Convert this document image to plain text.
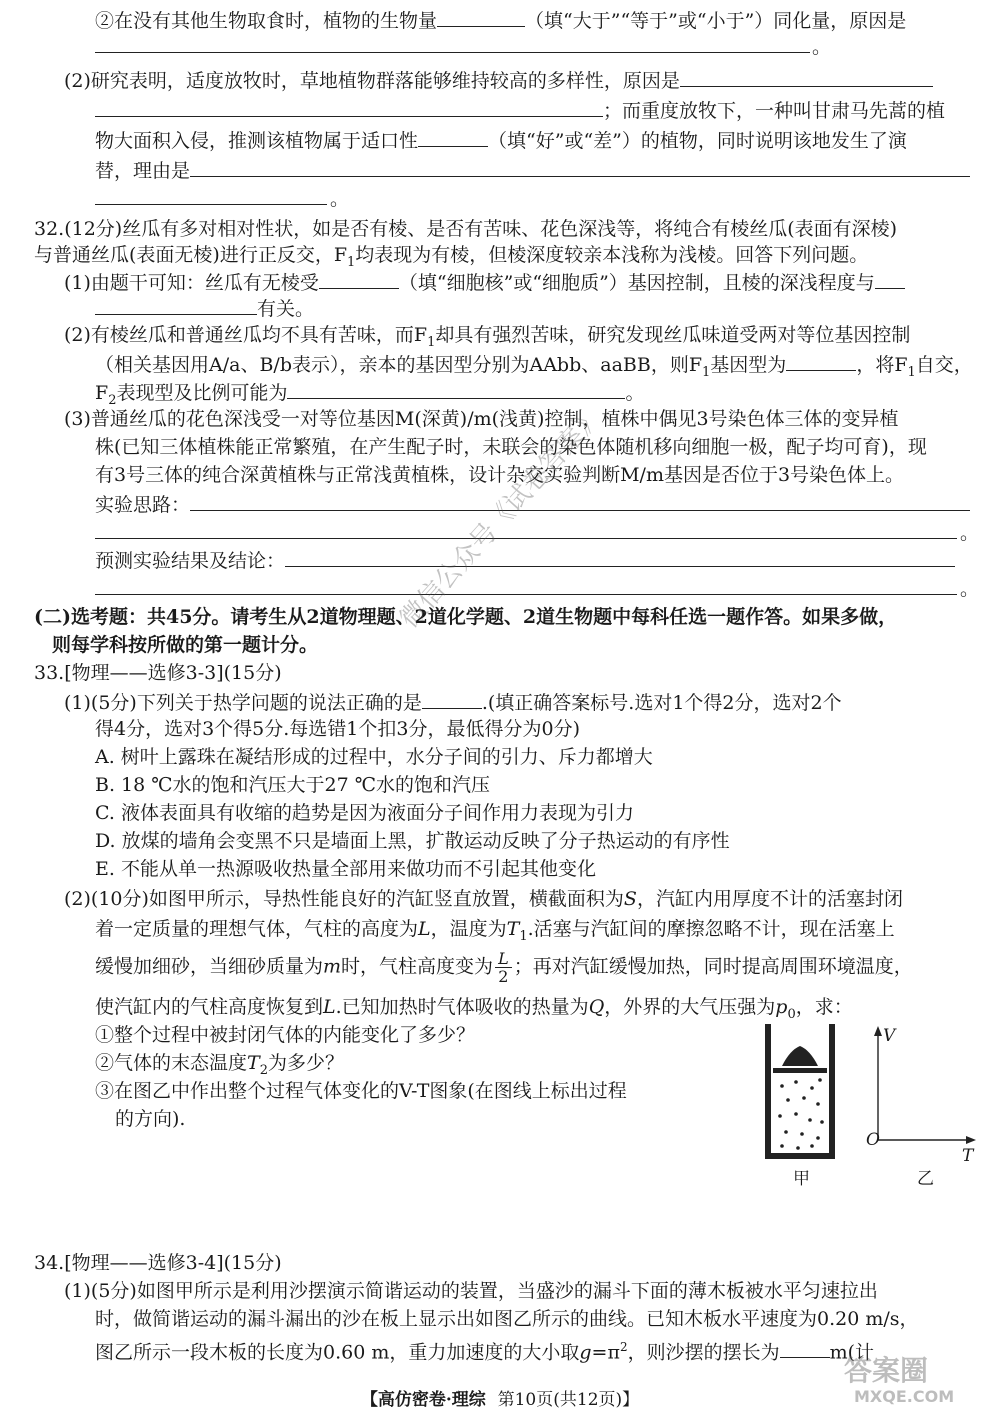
②在没有其他生物取食时，植物的生物量	（填“大于”“等于”或“小于”）同化量，原因是
。
(2)研究表明，适度放牧时，草地植物群落能够维持较高的多样性，原因是
；而重度放牧下，一种叫甘肃马先蒿的植
物大面积入侵，推测该植物属于适口性	（填“好”或“差”）的植物，同时说明该地发生了演
替，理由是
。
32.(12分)丝瓜有多对相对性状，如是否有棱、是否有苦味、花色深浅等，将纯合有棱丝瓜(表面有深棱)
与普通丝瓜(表面无棱)进行正反交，$F_1$均表现为有棱，但棱深度较亲本浅称为浅棱。回答下列问题。
(1)由题干可知：丝瓜有无棱受	（填“细胞核”或“细胞质”）基因控制，且棱的深浅程度与
有关。
(2)有棱丝瓜和普通丝瓜均不具有苦味，而$F_1$却具有强烈苦味，研究发现丝瓜味道受两对等位基因控制
（相关基因用A/a、B/b表示），亲本的基因型分别为AAbb、aaBB，则$F_1$基因型为	，将$F_1$自交，
$F_2$表现型及比例可能为	。
(3)普通丝瓜的花色深浅受一对等位基因M(深黄)/m(浅黄)控制，植株中偶见3号染色体三体的变异植
株(已知三体植株能正常繁殖，在产生配子时，未联会的染色体随机移向细胞一极，配子均可育)，现
有3号三体的纯合深黄植株与正常浅黄植株，设计杂交实验判断M/m基因是否位于3号染色体上。
实验思路：
。
预测实验结果及结论：
。
(二)选考题：共45分。请考生从2道物理题、2道化学题、2道生物题中每科任选一题作答。如果多做，
则每学科按所做的第一题计分。
33.[物理——选修3-3](15分)
(1)(5分)下列关于热学问题的说法正确的是	.(填正确答案标号.选对1个得2分，选对2个
得4分，选对3个得5分.每选错1个扣3分，最低得分为0分)
A. 树叶上露珠在凝结形成的过程中，水分子间的引力、斥力都增大
B. 18 ℃水的饱和汽压大于27 ℃水的饱和汽压
C. 液体表面具有收缩的趋势是因为液面分子间作用力表现为引力
D. 放煤的墙角会变黑不只是墙面上黑，扩散运动反映了分子热运动的有序性
E. 不能从单一热源吸收热量全部用来做功而不引起其他变化
(2)(10分)如图甲所示，导热性能良好的汽缸竖直放置，横截面积为S，汽缸内用厚度不计的活塞封闭
着一定质量的理想气体，气柱的高度为L，温度为$T_1$.活塞与汽缸间的摩擦忽略不计，现在活塞上
缓慢加细砂，当细砂质量为m时，气柱高度变为 $\frac{L}{2}$ ；再对汽缸缓慢加热，同时提高周围环境温度，
使汽缸内的气柱高度恢复到L.已知加热时气体吸收的热量为Q，外界的大气压强为$p_0$，求：
①整个过程中被封闭气体的内能变化了多少？
②气体的末态温度$T_2$为多少？
③在图乙中作出整个过程气体变化的V-T图象(在图线上标出过程
的方向).
V
O
T
甲	乙
34.[物理——选修3-4](15分)
(1)(5分)如图甲所示是利用沙摆演示简谐运动的装置，当盛沙的漏斗下面的薄木板被水平匀速拉出
时，做简谐运动的漏斗漏出的沙在板上显示出如图乙所示的曲线。已知木板水平速度为0.20 m/s，
图乙所示一段木板的长度为0.60 m，重力加速度的大小取$g=\pi^2$，则沙摆的摆长为	m(计
【高仿密卷·理综 第10页(共12页)】
微信公众号《试卷答案》
答案圈
MXQE.COM
